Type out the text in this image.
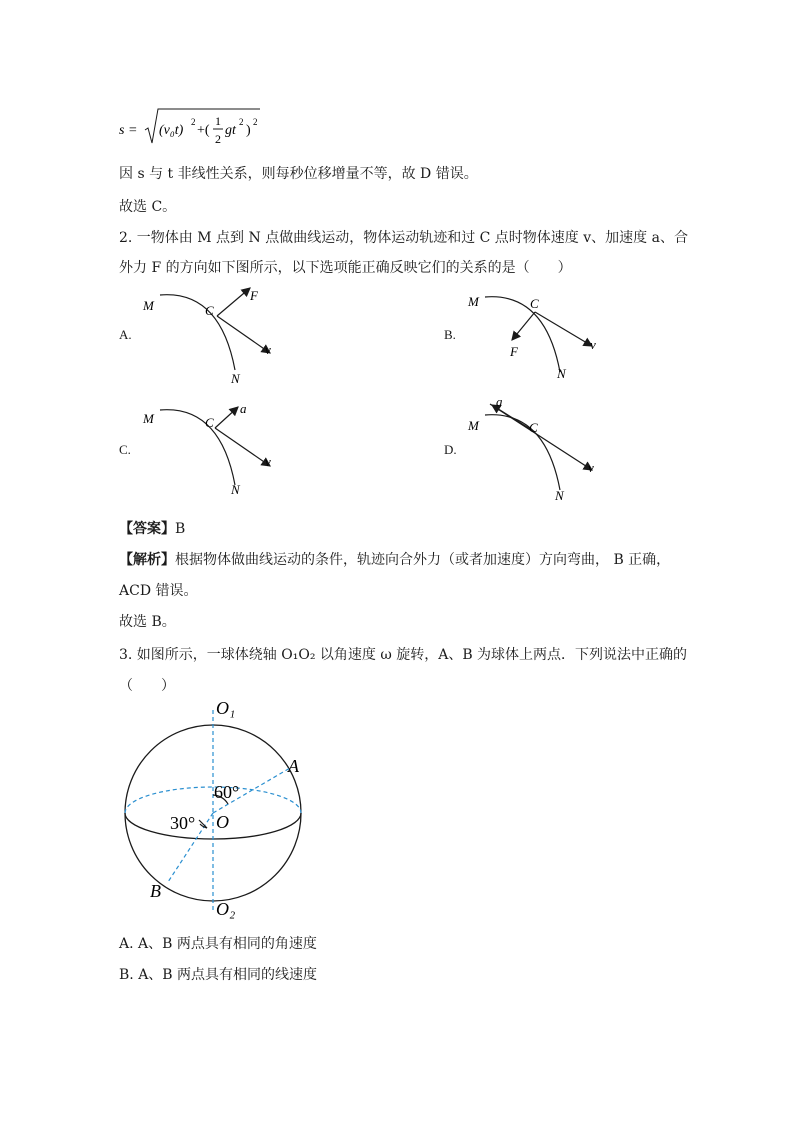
s = (v₀t)
2
+(
1
2
gt
2
)
2
因 s 与 t 非线性关系，则每秒位移增量不等，故 D 错误。
故选 C。
2. 一物体由 M 点到 N 点做曲线运动，物体运动轨迹和过 C 点时物体速度 v、加速度 a、合
外力 F 的方向如下图所示，以下选项能正确反映它们的关系的是（　　）
A.
M	C
F
v
N
B.
M	C
F	v
N
C.
M	C
a
v
N
D.
a
M	C
v
N
【答案】B
【解析】根据物体做曲线运动的条件，轨迹向合外力（或者加速度）方向弯曲， B 正确，
ACD 错误。
故选 B。
3. 如图所示，一球体绕轴 O₁O₂ 以角速度 ω 旋转，A、B 为球体上两点．下列说法中正确的
（　　）
O₁
O₂
O
A
B
60°
30°
A. A、B 两点具有相同的角速度
B. A、B 两点具有相同的线速度
